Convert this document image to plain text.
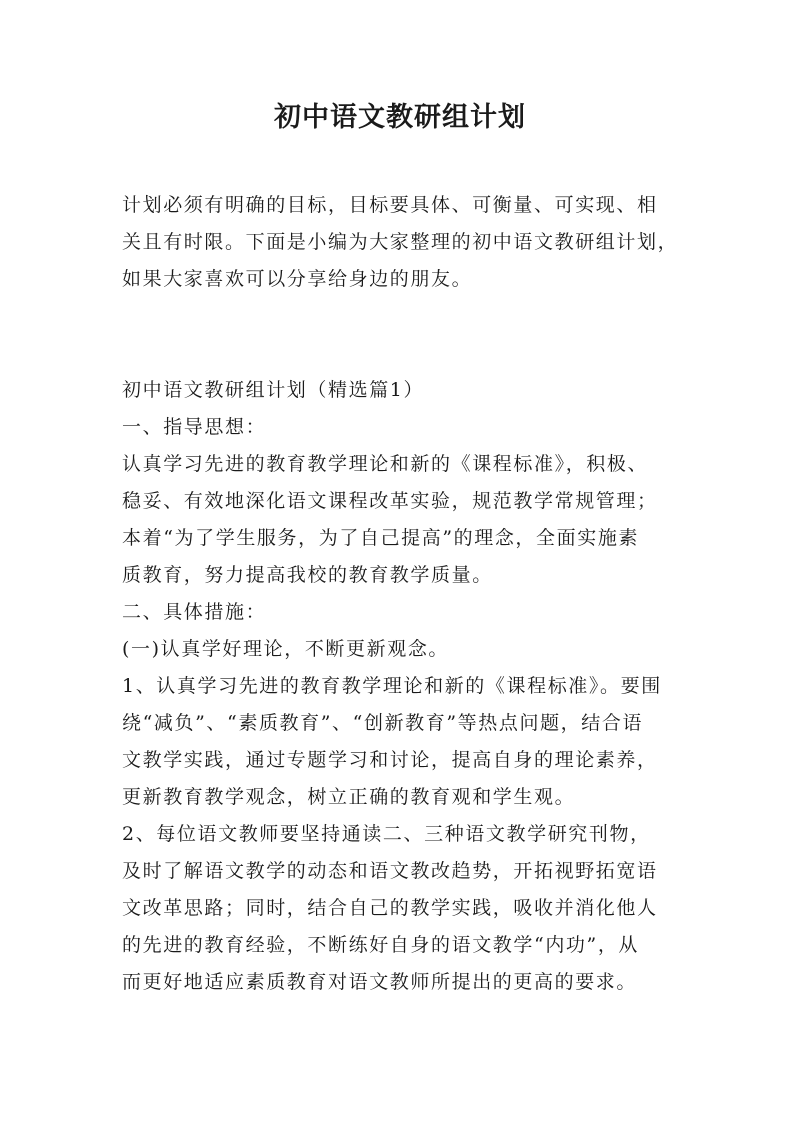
初中语文教研组计划

计划必须有明确的目标，目标要具体、可衡量、可实现、相

关且有时限。下面是小编为大家整理的初中语文教研组计划，

如果大家喜欢可以分享给身边的朋友。

初中语文教研组计划（精选篇1）

一、指导思想：

认真学习先进的教育教学理论和新的《课程标准》，积极、

稳妥、有效地深化语文课程改革实验，规范教学常规管理；

本着“为了学生服务，为了自己提高”的理念，全面实施素

质教育，努力提高我校的教育教学质量。

二、具体措施：

(一)认真学好理论，不断更新观念。

1、认真学习先进的教育教学理论和新的《课程标准》。要围

绕“减负”、“素质教育”、“创新教育”等热点问题，结合语

文教学实践，通过专题学习和讨论，提高自身的理论素养，

更新教育教学观念，树立正确的教育观和学生观。

2、每位语文教师要坚持通读二、三种语文教学研究刊物，

及时了解语文教学的动态和语文教改趋势，开拓视野拓宽语

文改革思路；同时，结合自己的教学实践，吸收并消化他人

的先进的教育经验，不断练好自身的语文教学“内功”，从

而更好地适应素质教育对语文教师所提出的更高的要求。
